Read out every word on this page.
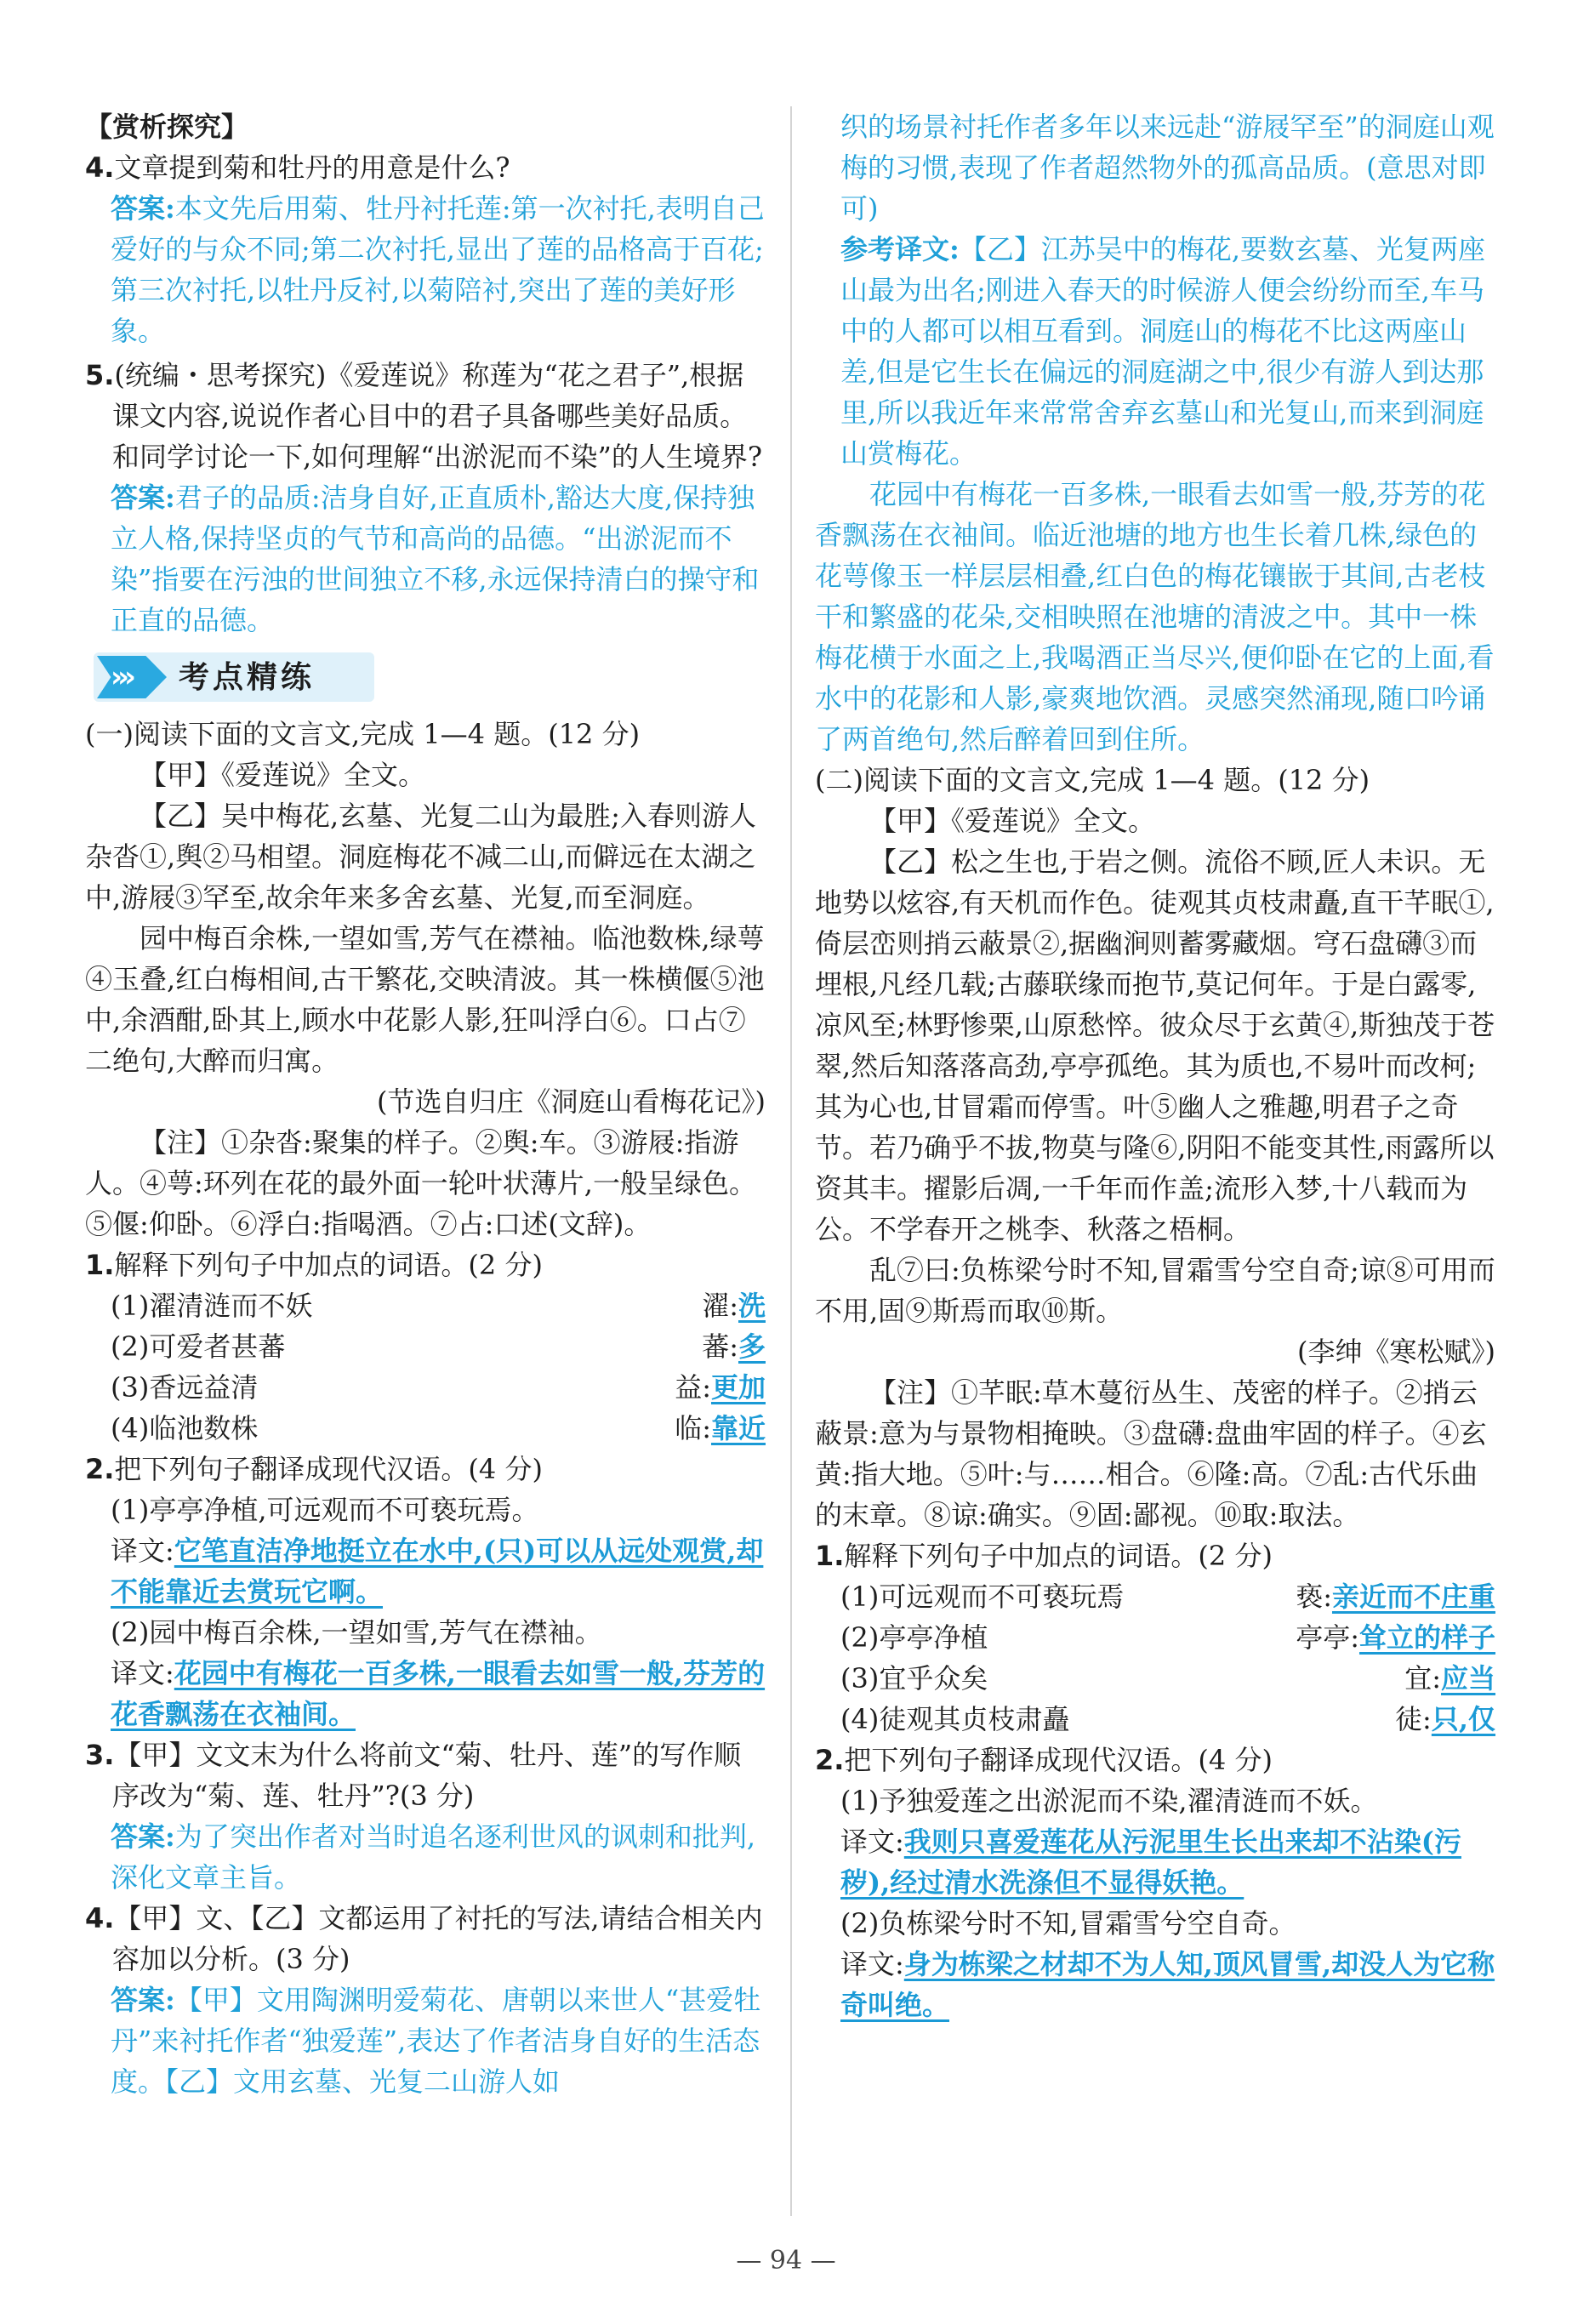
【赏析探究】

4.文章提到菊和牡丹的用意是什么?

答案:本文先后用菊、牡丹衬托莲:第一次衬托,表明自己爱好的与众不同;第二次衬托,显出了莲的品格高于百花;第三次衬托,以牡丹反衬,以菊陪衬,突出了莲的美好形象。

5.(统编・思考探究)《爱莲说》称莲为“花之君子”,根据课文内容,说说作者心目中的君子具备哪些美好品质。和同学讨论一下,如何理解“出淤泥而不染”的人生境界?

答案:君子的品质:洁身自好,正直质朴,豁达大度,保持独立人格,保持坚贞的气节和高尚的品德。“出淤泥而不染”指要在污浊的世间独立不移,永远保持清白的操守和正直的品德。

››› 考点精练

(一)阅读下面的文言文,完成 1—4 题。(12 分)

【甲】《爱莲说》全文。

【乙】吴中梅花,玄墓、光复二山为最胜;入春则游人杂沓①,舆②马相望。洞庭梅花不减二山,而僻远在太湖之中,游屐③罕至,故余年来多舍玄墓、光复,而至洞庭。

园中梅百余株,一望如雪,芳气在襟袖。临池数株,绿萼④玉叠,红白梅相间,古干繁花,交映清波。其一株横偃⑤池中,余酒酣,卧其上,顾水中花影人影,狂叫浮白⑥。口占⑦二绝句,大醉而归寓。

(节选自归庄《洞庭山看梅花记》)

【注】①杂沓:聚集的样子。②舆:车。③游屐:指游人。④萼:环列在花的最外面一轮叶状薄片,一般呈绿色。⑤偃:仰卧。⑥浮白:指喝酒。⑦占:口述(文辞)。

1.解释下列句子中加点的词语。(2 分)

(1)濯清涟而不妖	濯:洗
(2)可爱者甚蕃	蕃:多
(3)香远益清	益:更加
(4)临池数株	临:靠近

2.把下列句子翻译成现代汉语。(4 分)

(1)亭亭净植,可远观而不可亵玩焉。

译文:它笔直洁净地挺立在水中,(只)可以从远处观赏,却不能靠近去赏玩它啊。

(2)园中梅百余株,一望如雪,芳气在襟袖。

译文:花园中有梅花一百多株,一眼看去如雪一般,芬芳的花香飘荡在衣袖间。

3.【甲】文文末为什么将前文“菊、牡丹、莲”的写作顺序改为“菊、莲、牡丹”?(3 分)

答案:为了突出作者对当时追名逐利世风的讽刺和批判,深化文章主旨。

4.【甲】文、【乙】文都运用了衬托的写法,请结合相关内容加以分析。(3 分)

答案:【甲】文用陶渊明爱菊花、唐朝以来世人“甚爱牡丹”来衬托作者“独爱莲”,表达了作者洁身自好的生活态度。【乙】文用玄墓、光复二山游人如

织的场景衬托作者多年以来远赴“游屐罕至”的洞庭山观梅的习惯,表现了作者超然物外的孤高品质。(意思对即可)

参考译文:【乙】江苏吴中的梅花,要数玄墓、光复两座山最为出名;刚进入春天的时候游人便会纷纷而至,车马中的人都可以相互看到。洞庭山的梅花不比这两座山差,但是它生长在偏远的洞庭湖之中,很少有游人到达那里,所以我近年来常常舍弃玄墓山和光复山,而来到洞庭山赏梅花。

花园中有梅花一百多株,一眼看去如雪一般,芬芳的花香飘荡在衣袖间。临近池塘的地方也生长着几株,绿色的花萼像玉一样层层相叠,红白色的梅花镶嵌于其间,古老枝干和繁盛的花朵,交相映照在池塘的清波之中。其中一株梅花横于水面之上,我喝酒正当尽兴,便仰卧在它的上面,看水中的花影和人影,豪爽地饮酒。灵感突然涌现,随口吟诵了两首绝句,然后醉着回到住所。

(二)阅读下面的文言文,完成 1—4 题。(12 分)

【甲】《爱莲说》全文。

【乙】松之生也,于岩之侧。流俗不顾,匠人未识。无地势以炫容,有天机而作色。徒观其贞枝肃矗,直干芊眠①,倚层峦则捎云蔽景②,据幽涧则蓄雾藏烟。穹石盘礴③而埋根,凡经几载;古藤联缘而抱节,莫记何年。于是白露零,凉风至;林野惨栗,山原愁悴。彼众尽于玄黄④,斯独茂于苍翠,然后知落落高劲,亭亭孤绝。其为质也,不易叶而改柯;其为心也,甘冒霜而停雪。叶⑤幽人之雅趣,明君子之奇节。若乃确乎不拔,物莫与隆⑥,阴阳不能变其性,雨露所以资其丰。擢影后凋,一千年而作盖;流形入梦,十八载而为公。不学春开之桃李、秋落之梧桐。

乱⑦曰:负栋梁兮时不知,冒霜雪兮空自奇;谅⑧可用而不用,固⑨斯焉而取⑩斯。

(李绅《寒松赋》)

【注】①芊眠:草木蔓衍丛生、茂密的样子。②捎云蔽景:意为与景物相掩映。③盘礴:盘曲牢固的样子。④玄黄:指大地。⑤叶:与……相合。⑥隆:高。⑦乱:古代乐曲的末章。⑧谅:确实。⑨固:鄙视。⑩取:取法。

1.解释下列句子中加点的词语。(2 分)

(1)可远观而不可亵玩焉	亵:亲近而不庄重
(2)亭亭净植	亭亭:耸立的样子
(3)宜乎众矣	宜:应当
(4)徒观其贞枝肃矗	徒:只,仅

2.把下列句子翻译成现代汉语。(4 分)

(1)予独爱莲之出淤泥而不染,濯清涟而不妖。

译文:我则只喜爱莲花从污泥里生长出来却不沾染(污秽),经过清水洗涤但不显得妖艳。

(2)负栋梁兮时不知,冒霜雪兮空自奇。

译文:身为栋梁之材却不为人知,顶风冒雪,却没人为它称奇叫绝。

— 94 —
